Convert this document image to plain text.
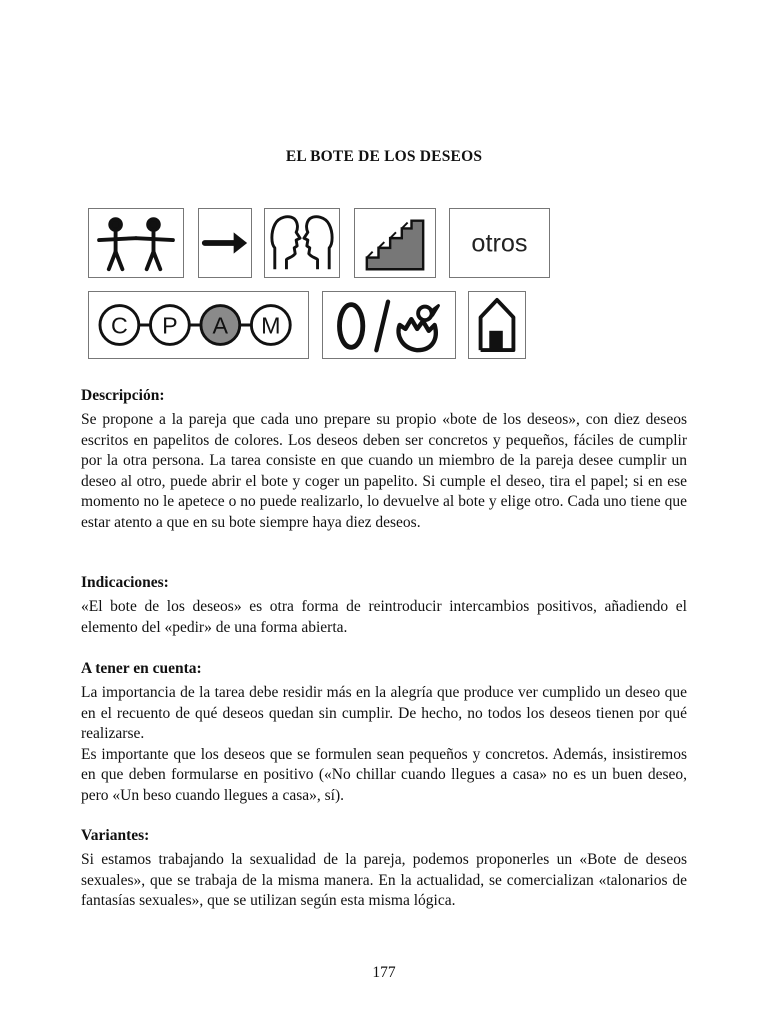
EL BOTE DE LOS DESEOS
otros
C P A M
Descripción:

Se propone a la pareja que cada uno prepare su propio «bote de los deseos», con diez deseos escritos en papelitos de colores. Los deseos deben ser concretos y pequeños, fáciles de cumplir por la otra persona. La tarea consiste en que cuando un miembro de la pareja desee cumplir un deseo al otro, puede abrir el bote y coger un papelito. Si cumple el deseo, tira el papel; si en ese momento no le apetece o no puede realizarlo, lo devuelve al bote y elige otro. Cada uno tiene que estar atento a que en su bote siempre haya diez deseos.

Indicaciones:

«El bote de los deseos» es otra forma de reintroducir intercambios positivos, añadiendo el elemento del «pedir» de una forma abierta.

A tener en cuenta:

La importancia de la tarea debe residir más en la alegría que produce ver cumplido un deseo que en el recuento de qué deseos quedan sin cumplir. De hecho, no todos los deseos tienen por qué realizarse.

Es importante que los deseos que se formulen sean pequeños y concretos. Además, insistiremos en que deben formularse en positivo («No chillar cuando llegues a casa» no es un buen deseo, pero «Un beso cuando llegues a casa», sí).

Variantes:

Si estamos trabajando la sexualidad de la pareja, podemos proponerles un «Bote de deseos sexuales», que se trabaja de la misma manera. En la actualidad, se comercializan «talonarios de fantasías sexuales», que se utilizan según esta misma lógica.

177
